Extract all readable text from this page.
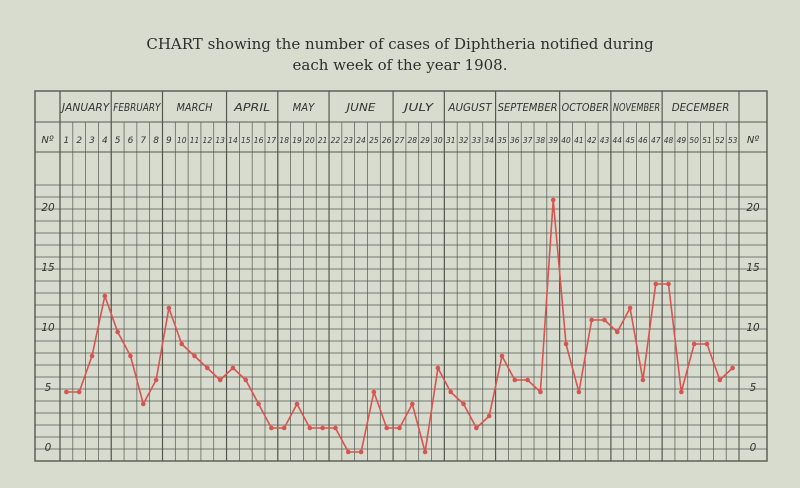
CHART showing the number of cases of Diphtheria notified during
each week of the year 1908.
JANUARY FEBRUARY MARCH APRIL MAY	JUNE JULY AUGUST SEPTEMBER OCTOBER NOVEMBER DECEMBER
Nº	Nº
1 2 3 4 5 6 7 8 9 10 11 12 13 14 15 16 17 18 19 20 21 22 23 24 25 26 27 28 29 30 31 32 33 34 35 36 37 38 39 40 41 42 43 44 45 46 47 48 49 50 51 52 53
0	0
5	5
10	10
15	15
20	20
